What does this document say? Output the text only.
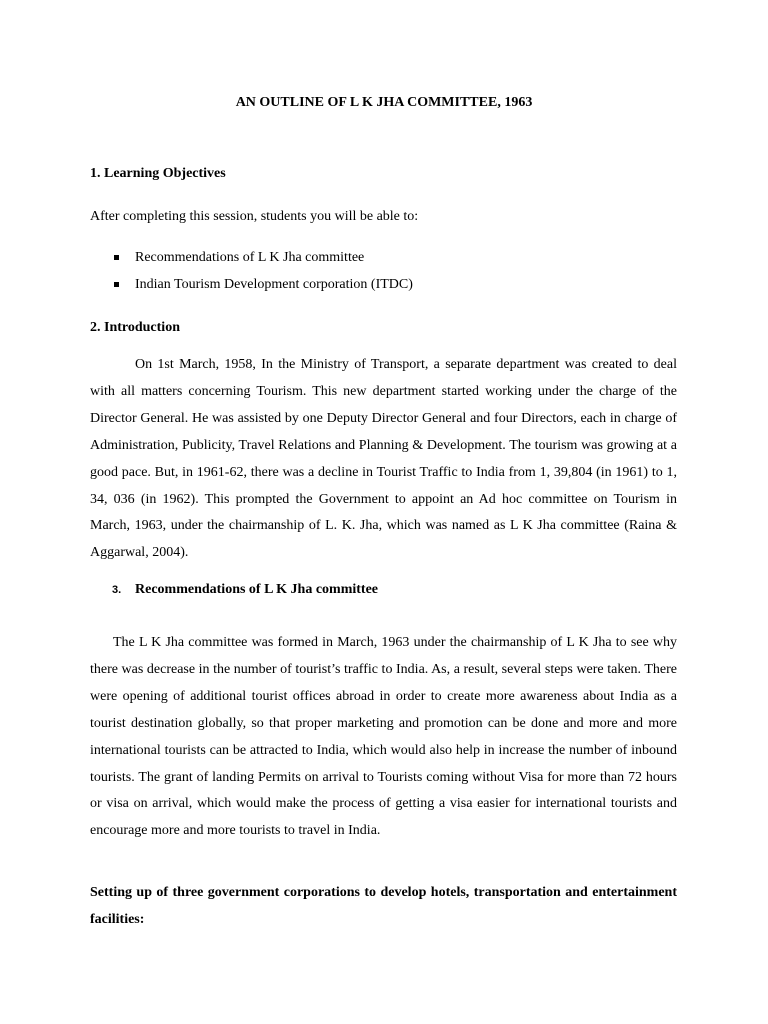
AN OUTLINE OF L K JHA COMMITTEE, 1963

1. Learning Objectives

After completing this session, students you will be able to:

Recommendations of L K Jha committee
Indian Tourism Development corporation (ITDC)

2. Introduction

On 1st March, 1958, In the Ministry of Transport, a separate department was created to deal with all matters concerning Tourism. This new department started working under the charge of the Director General. He was assisted by one Deputy Director General and four Directors, each in charge of Administration, Publicity, Travel Relations and Planning & Development. The tourism was growing at a good pace. But, in 1961-62, there was a decline in Tourist Traffic to India from 1, 39,804 (in 1961) to 1, 34, 036 (in 1962). This prompted the Government to appoint an Ad hoc committee on Tourism in March, 1963, under the chairmanship of L. K. Jha, which was named as L K Jha committee (Raina & Aggarwal, 2004).

3. Recommendations of L K Jha committee

The L K Jha committee was formed in March, 1963 under the chairmanship of L K Jha to see why there was decrease in the number of tourist’s traffic to India. As, a result, several steps were taken. There were opening of additional tourist offices abroad in order to create more awareness about India as a tourist destination globally, so that proper marketing and promotion can be done and more and more international tourists can be attracted to India, which would also help in increase the number of inbound tourists. The grant of landing Permits on arrival to Tourists coming without Visa for more than 72 hours or visa on arrival, which would make the process of getting a visa easier for international tourists and encourage more and more tourists to travel in India.

Setting up of three government corporations to develop hotels, transportation and entertainment facilities:
